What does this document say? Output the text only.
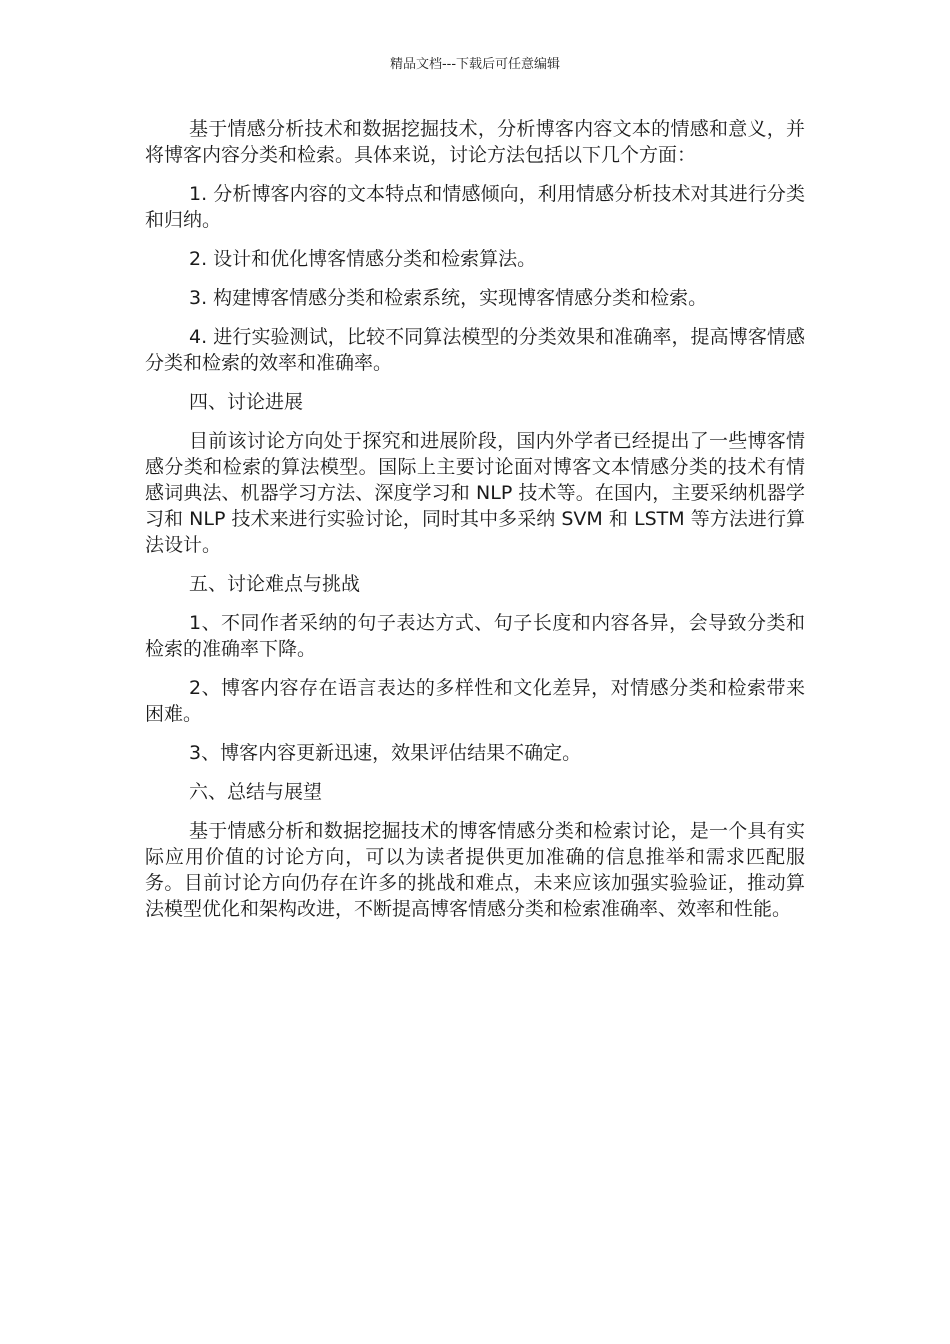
精品文档---下载后可任意编辑

基于情感分析技术和数据挖掘技术，分析博客内容文本的情感和意义，并将博客内容分类和检索。具体来说，讨论方法包括以下几个方面：

1. 分析博客内容的文本特点和情感倾向，利用情感分析技术对其进行分类和归纳。

2. 设计和优化博客情感分类和检索算法。

3. 构建博客情感分类和检索系统，实现博客情感分类和检索。

4. 进行实验测试，比较不同算法模型的分类效果和准确率，提高博客情感分类和检索的效率和准确率。

四、讨论进展

目前该讨论方向处于探究和进展阶段，国内外学者已经提出了一些博客情感分类和检索的算法模型。国际上主要讨论面对博客文本情感分类的技术有情感词典法、机器学习方法、深度学习和 NLP 技术等。在国内，主要采纳机器学习和 NLP 技术来进行实验讨论，同时其中多采纳 SVM 和 LSTM 等方法进行算法设计。

五、讨论难点与挑战

1、不同作者采纳的句子表达方式、句子长度和内容各异，会导致分类和检索的准确率下降。

2、博客内容存在语言表达的多样性和文化差异，对情感分类和检索带来困难。

3、博客内容更新迅速，效果评估结果不确定。

六、总结与展望

基于情感分析和数据挖掘技术的博客情感分类和检索讨论，是一个具有实际应用价值的讨论方向，可以为读者提供更加准确的信息推举和需求匹配服务。目前讨论方向仍存在许多的挑战和难点，未来应该加强实验验证，推动算法模型优化和架构改进，不断提高博客情感分类和检索准确率、效率和性能。
